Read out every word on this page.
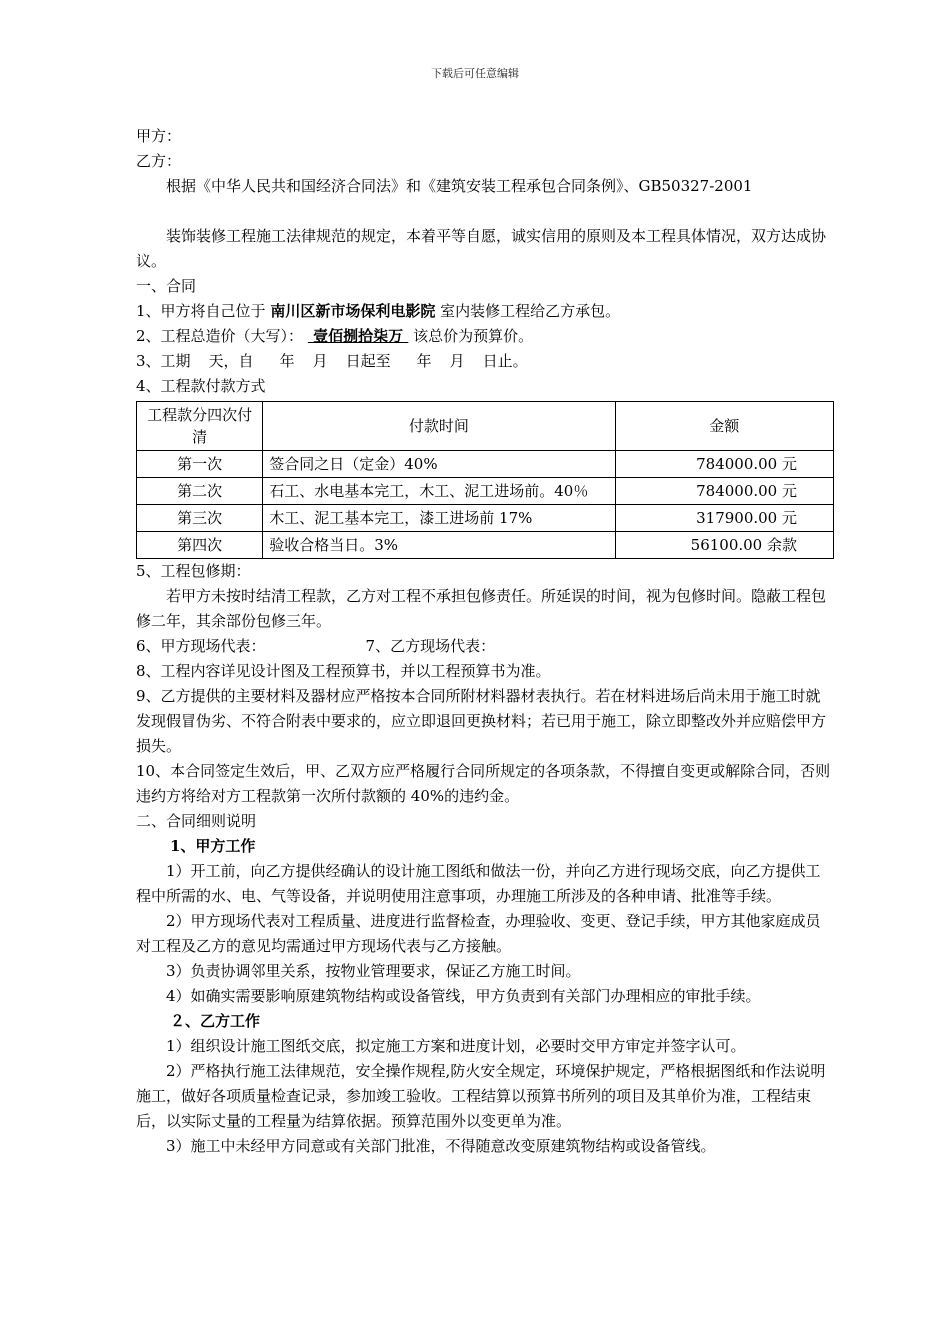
下载后可任意编辑
甲方：
乙方：
根据《中华人民共和国经济合同法》和《建筑安装工程承包合同条例》、GB50327-2001
装饰装修工程施工法律规范的规定，本着平等自愿，诚实信用的原则及本工程具体情况，双方达成协议。
一、合同
1、甲方将自己位于 南川区新市场保利电影院 室内装修工程给乙方承包。
2、工程总造价（大写）： 壹佰捌拾柒万 该总价为预算价。
3、工期 天，自 年 月 日起至 年 月 日止。
4、工程款付款方式
工程款分四次付清	付款时间	金额
第一次	签合同之日（定金）40%	784000.00 元
第二次	石工、水电基本完工，木工、泥工进场前。40％	784000.00 元
第三次	木工、泥工基本完工，漆工进场前 17%	317900.00 元
第四次	验收合格当日。3%	56100.00 余款
5、工程包修期：
若甲方未按时结清工程款，乙方对工程不承担包修责任。所延误的时间，视为包修时间。隐蔽工程包修二年，其余部份包修三年。
6、甲方现场代表：	7、乙方现场代表：
8、工程内容详见设计图及工程预算书，并以工程预算书为准。
9、乙方提供的主要材料及器材应严格按本合同所附材料器材表执行。若在材料进场后尚未用于施工时就发现假冒伪劣、不符合附表中要求的，应立即退回更换材料；若已用于施工，除立即整改外并应赔偿甲方损失。
10、本合同签定生效后，甲、乙双方应严格履行合同所规定的各项条款，不得擅自变更或解除合同，否则违约方将给对方工程款第一次所付款额的 40%的违约金。
二、合同细则说明
1、甲方工作
1）开工前，向乙方提供经确认的设计施工图纸和做法一份，并向乙方进行现场交底，向乙方提供工程中所需的水、电、气等设备，并说明使用注意事项，办理施工所涉及的各种申请、批准等手续。
2）甲方现场代表对工程质量、进度进行监督检查，办理验收、变更、登记手续，甲方其他家庭成员对工程及乙方的意见均需通过甲方现场代表与乙方接触。
3）负责协调邻里关系，按物业管理要求，保证乙方施工时间。
4）如确实需要影响原建筑物结构或设备管线，甲方负责到有关部门办理相应的审批手续。
２、乙方工作
1）组织设计施工图纸交底，拟定施工方案和进度计划，必要时交甲方审定并签字认可。
2）严格执行施工法律规范，安全操作规程,防火安全规定，环境保护规定，严格根据图纸和作法说明施工，做好各项质量检查记录，参加竣工验收。工程结算以预算书所列的项目及其单价为准，工程结束后，以实际丈量的工程量为结算依据。预算范围外以变更单为准。
3）施工中未经甲方同意或有关部门批准，不得随意改变原建筑物结构或设备管线。
